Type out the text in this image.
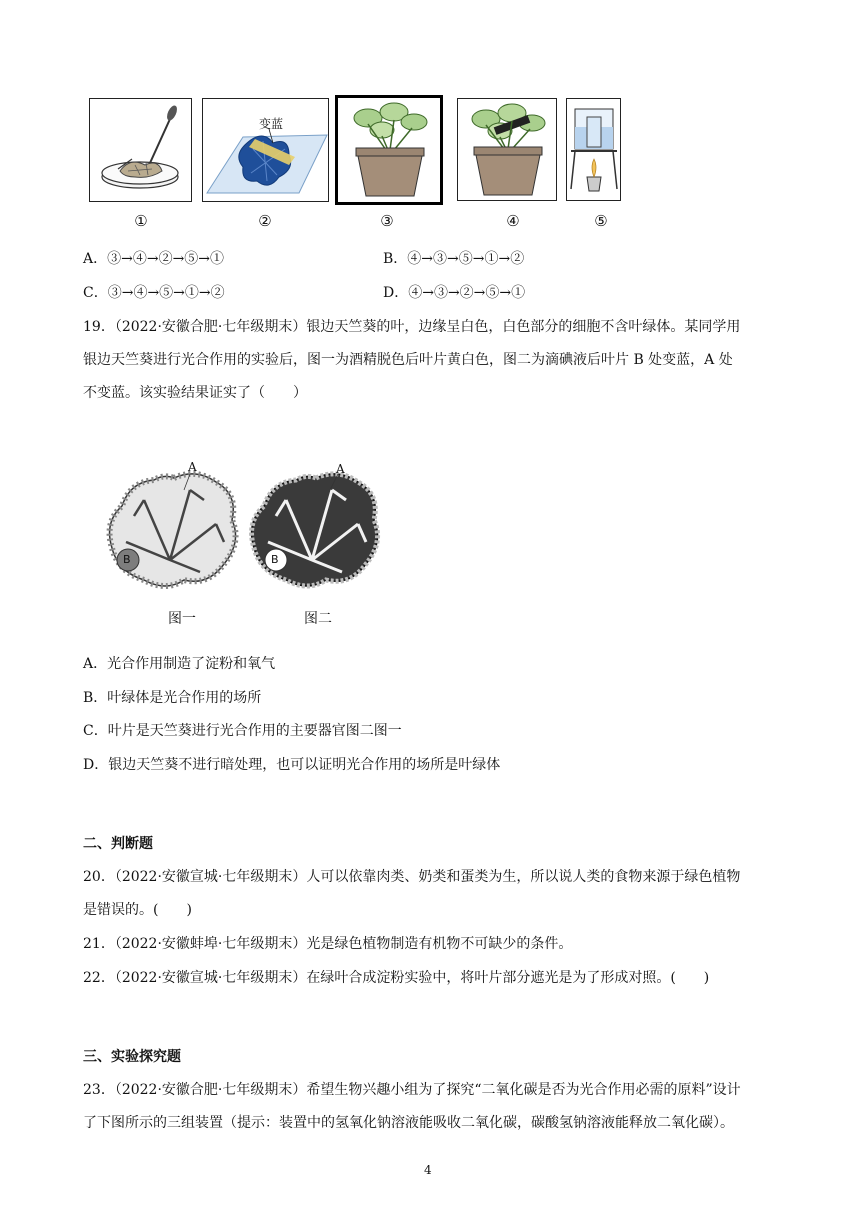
变蓝
①	②	③	④	⑤
A．③→④→②→⑤→①	B．④→③→⑤→①→②
C．③→④→⑤→①→②	D．④→③→②→⑤→①
19．（2022·安徽合肥·七年级期末）银边天竺葵的叶，边缘呈白色，白色部分的细胞不含叶绿体。某同学用
银边天竺葵进行光合作用的实验后，图一为酒精脱色后叶片黄白色，图二为滴碘液后叶片 B 处变蓝，A 处
不变蓝。该实验结果证实了（　　）
A
B
A
B
图一	图二
A．光合作用制造了淀粉和氧气
B．叶绿体是光合作用的场所
C．叶片是天竺葵进行光合作用的主要器官图二图一
D．银边天竺葵不进行暗处理，也可以证明光合作用的场所是叶绿体
二、判断题
20．（2022·安徽宣城·七年级期末）人可以依靠肉类、奶类和蛋类为生，所以说人类的食物来源于绿色植物
是错误的。(　　)
21．（2022·安徽蚌埠·七年级期末）光是绿色植物制造有机物不可缺少的条件。
22．（2022·安徽宣城·七年级期末）在绿叶合成淀粉实验中，将叶片部分遮光是为了形成对照。(　　)
三、实验探究题
23．（2022·安徽合肥·七年级期末）希望生物兴趣小组为了探究“二氧化碳是否为光合作用必需的原料”设计
了下图所示的三组装置（提示：装置中的氢氧化钠溶液能吸收二氧化碳，碳酸氢钠溶液能释放二氧化碳）。
4
